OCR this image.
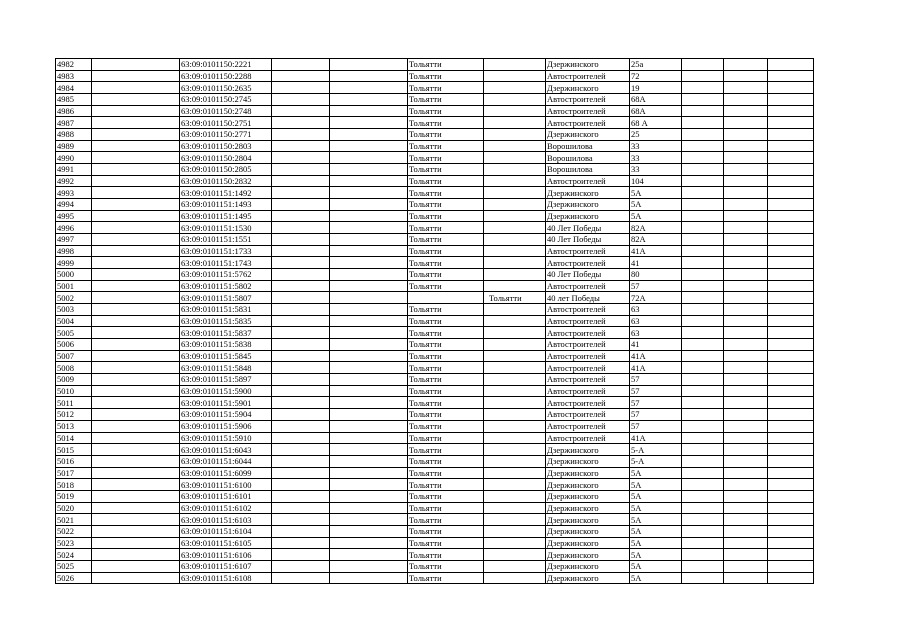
4982		63:09:0101150:2221			Тольятти		Дзержинского	25а			
4983		63:09:0101150:2288			Тольятти		Автостроителей	72			
4984		63:09:0101150:2635			Тольятти		Дзержинского	19			
4985		63:09:0101150:2745			Тольятти		Автостроителей	68А			
4986		63:09:0101150:2748			Тольятти		Автостроителей	68А			
4987		63:09:0101150:2751			Тольятти		Автостроителей	68 А			
4988		63:09:0101150:2771			Тольятти		Дзержинского	25			
4989		63:09:0101150:2803			Тольятти		Ворошилова	33			
4990		63:09:0101150:2804			Тольятти		Ворошилова	33			
4991		63:09:0101150:2805			Тольятти		Ворошилова	33			
4992		63:09:0101150:2832			Тольятти		Автостроителей	104			
4993		63:09:0101151:1492			Тольятти		Дзержинского	5А			
4994		63:09:0101151:1493			Тольятти		Дзержинского	5А			
4995		63:09:0101151:1495			Тольятти		Дзержинского	5А			
4996		63:09:0101151:1530			Тольятти		40 Лет Победы	82А			
4997		63:09:0101151:1551			Тольятти		40 Лет Победы	82А			
4998		63:09:0101151:1733			Тольятти		Автостроителей	41А			
4999		63:09:0101151:1743			Тольятти		Автостроителей	41			
5000		63:09:0101151:5762			Тольятти		40 Лет Победы	80			
5001		63:09:0101151:5802			Тольятти		Автостроителей	57			
5002		63:09:0101151:5807				Тольятти	40 лет Победы	72А			
5003		63:09:0101151:5831			Тольятти		Автостроителей	63			
5004		63:09:0101151:5835			Тольятти		Автостроителей	63			
5005		63:09:0101151:5837			Тольятти		Автостроителей	63			
5006		63:09:0101151:5838			Тольятти		Автостроителей	41			
5007		63:09:0101151:5845			Тольятти		Автостроителей	41А			
5008		63:09:0101151:5848			Тольятти		Автостроителей	41А			
5009		63:09:0101151:5897			Тольятти		Автостроителей	57			
5010		63:09:0101151:5900			Тольятти		Автостроителей	57			
5011		63:09:0101151:5901			Тольятти		Автостроителей	57			
5012		63:09:0101151:5904			Тольятти		Автостроителей	57			
5013		63:09:0101151:5906			Тольятти		Автостроителей	57			
5014		63:09:0101151:5910			Тольятти		Автостроителей	41А			
5015		63:09:0101151:6043			Тольятти		Дзержинского	5-А			
5016		63:09:0101151:6044			Тольятти		Дзержинского	5-А			
5017		63:09:0101151:6099			Тольятти		Дзержинского	5А			
5018		63:09:0101151:6100			Тольятти		Дзержинского	5А			
5019		63:09:0101151:6101			Тольятти		Дзержинского	5А			
5020		63:09:0101151:6102			Тольятти		Дзержинского	5А			
5021		63:09:0101151:6103			Тольятти		Дзержинского	5А			
5022		63:09:0101151:6104			Тольятти		Дзержинского	5А			
5023		63:09:0101151:6105			Тольятти		Дзержинского	5А			
5024		63:09:0101151:6106			Тольятти		Дзержинского	5А			
5025		63:09:0101151:6107			Тольятти		Дзержинского	5А			
5026		63:09:0101151:6108			Тольятти		Дзержинского	5А			
